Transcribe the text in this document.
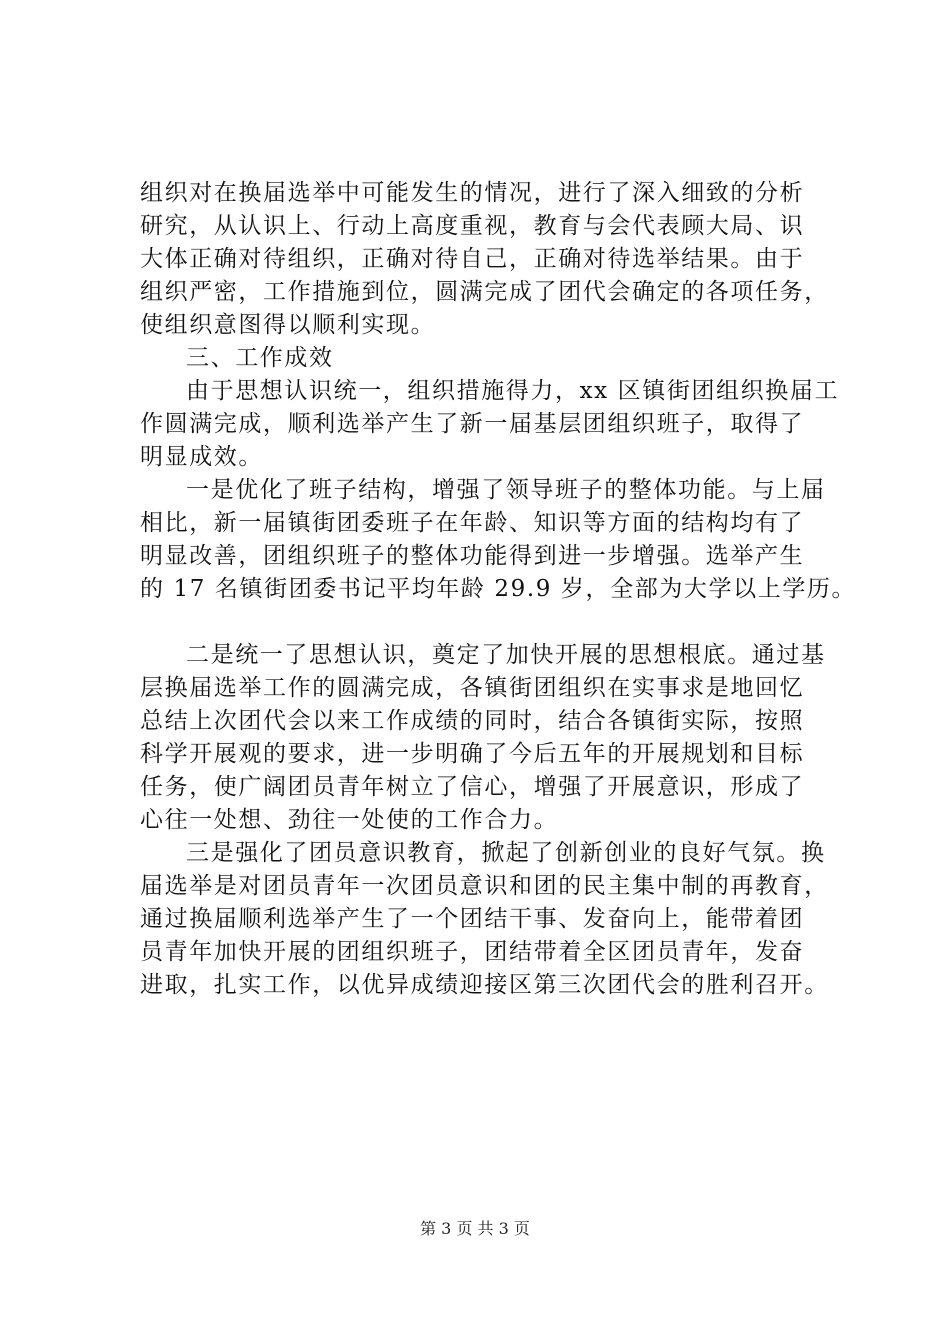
组织对在换届选举中可能发生的情况，进行了深入细致的分析
研究，从认识上、行动上高度重视，教育与会代表顾大局、识
大体正确对待组织，正确对待自己，正确对待选举结果。由于
组织严密，工作措施到位，圆满完成了团代会确定的各项任务，
使组织意图得以顺利实现。
三、工作成效
由于思想认识统一，组织措施得力，xx 区镇街团组织换届工
作圆满完成，顺利选举产生了新一届基层团组织班子，取得了
明显成效。
一是优化了班子结构，增强了领导班子的整体功能。与上届
相比，新一届镇街团委班子在年龄、知识等方面的结构均有了
明显改善，团组织班子的整体功能得到进一步增强。选举产生
的 17 名镇街团委书记平均年龄 29.9 岁，全部为大学以上学历。
二是统一了思想认识，奠定了加快开展的思想根底。通过基
层换届选举工作的圆满完成，各镇街团组织在实事求是地回忆
总结上次团代会以来工作成绩的同时，结合各镇街实际，按照
科学开展观的要求，进一步明确了今后五年的开展规划和目标
任务，使广阔团员青年树立了信心，增强了开展意识，形成了
心往一处想、劲往一处使的工作合力。
三是强化了团员意识教育，掀起了创新创业的良好气氛。换
届选举是对团员青年一次团员意识和团的民主集中制的再教育，
通过换届顺利选举产生了一个团结干事、发奋向上，能带着团
员青年加快开展的团组织班子，团结带着全区团员青年，发奋
进取，扎实工作，以优异成绩迎接区第三次团代会的胜利召开。
第 3 页 共 3 页
